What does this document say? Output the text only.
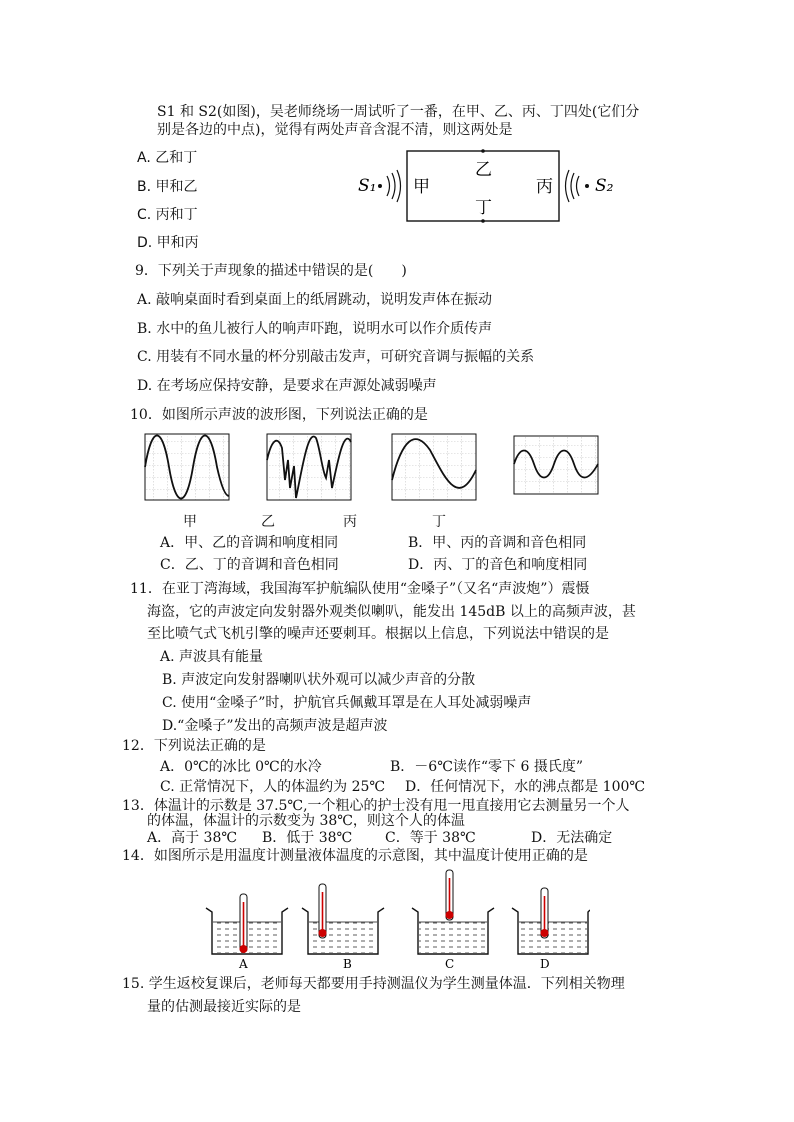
S1 和 S2(如图)，吴老师绕场一周试听了一番，在甲、乙、丙、丁四处(它们分
别是各边的中点)，觉得有两处声音含混不清，则这两处是
A. 乙和丁
B. 甲和乙
C. 丙和丁
D. 甲和丙
S₁ 甲
乙
丁
丙 S₂
9．下列关于声现象的描述中错误的是(　　)
A. 敲响桌面时看到桌面上的纸屑跳动，说明发声体在振动
B. 水中的鱼儿被行人的响声吓跑，说明水可以作介质传声
C. 用装有不同水量的杯分别敲击发声，可研究音调与振幅的关系
D. 在考场应保持安静，是要求在声源处减弱噪声
10．如图所示声波的波形图，下列说法正确的是
甲	乙	丙	丁
A．甲、乙的音调和响度相同	B．甲、丙的音调和音色相同
C．乙、丁的音调和音色相同	D．丙、丁的音色和响度相同
11．在亚丁湾海域，我国海军护航编队使用“金嗓子”（又名“声波炮”）震慑
海盗，它的声波定向发射器外观类似喇叭，能发出 145dB 以上的高频声波，甚
至比喷气式飞机引擎的噪声还要刺耳。根据以上信息，下列说法中错误的是
A. 声波具有能量
B. 声波定向发射器喇叭状外观可以减少声音的分散
C. 使用“金嗓子”时，护航官兵佩戴耳罩是在人耳处减弱噪声
D.“金嗓子”发出的高频声波是超声波
12．下列说法正确的是
A．0℃的冰比 0℃的水冷	B．－6℃读作“零下 6 摄氏度”
C. 正常情况下，人的体温约为 25℃ D．任何情况下，水的沸点都是 100℃
13．体温计的示数是 37.5℃,一个粗心的护士没有甩一甩直接用它去测量另一个人
的体温，体温计的示数变为 38℃，则这个人的体温
A．高于 38℃ B．低于 38℃ C．等于 38℃	D．无法确定
14．如图所示是用温度计测量液体温度的示意图，其中温度计使用正确的是
A	B	C	D
15. 学生返校复课后，老师每天都要用手持测温仪为学生测量体温．下列相关物理
量的估测最接近实际的是
